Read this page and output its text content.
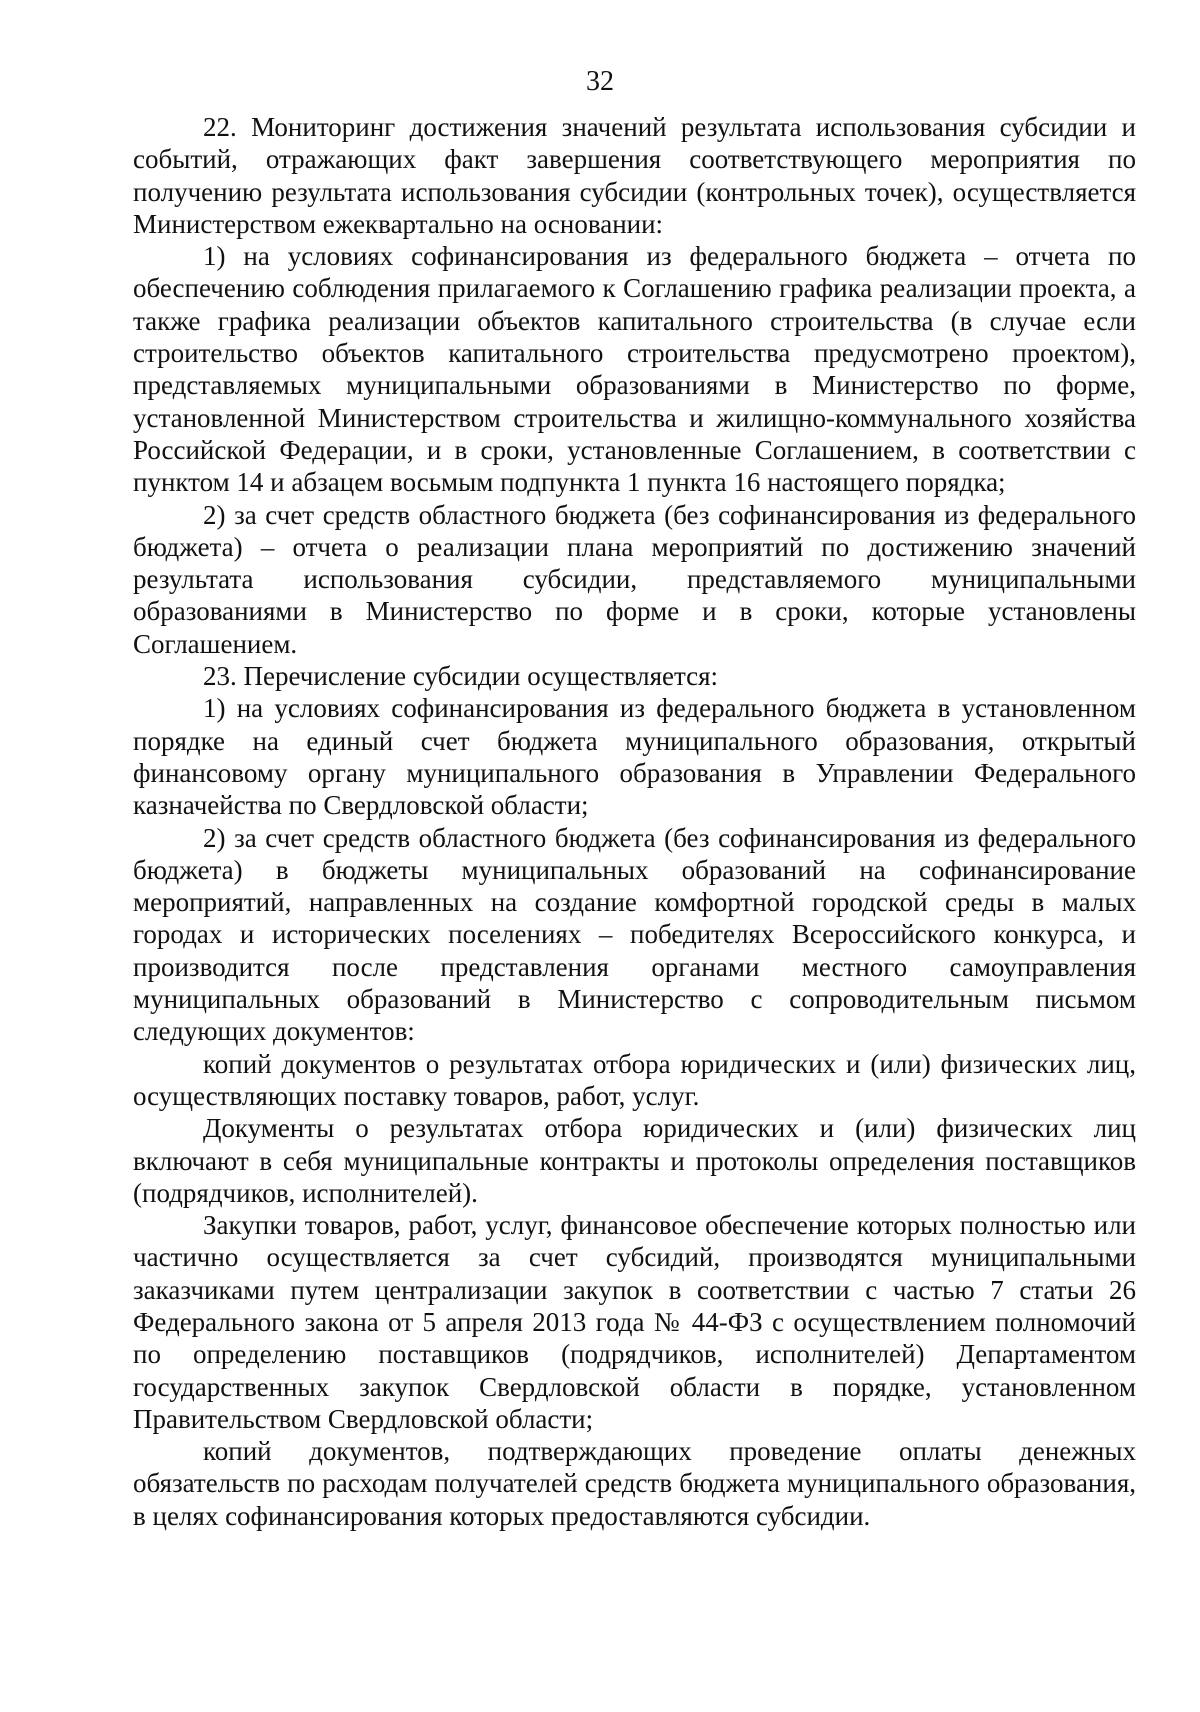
32

22. Мониторинг достижения значений результата использования субсидии и событий, отражающих факт завершения соответствующего мероприятия по получению результата использования субсидии (контрольных точек), осуществляется Министерством ежеквартально на основании:

1) на условиях софинансирования из федерального бюджета – отчета по обеспечению соблюдения прилагаемого к Соглашению графика реализации проекта, а также графика реализации объектов капитального строительства (в случае если строительство объектов капитального строительства предусмотрено проектом), представляемых муниципальными образованиями в Министерство по форме, установленной Министерством строительства и жилищно-коммунального хозяйства Российской Федерации, и в сроки, установленные Соглашением, в соответствии с пунктом 14 и абзацем восьмым подпункта 1 пункта 16 настоящего порядка;

2) за счет средств областного бюджета (без софинансирования из федерального бюджета) – отчета о реализации плана мероприятий по достижению значений результата использования субсидии, представляемого муниципальными образованиями в Министерство по форме и в сроки, которые установлены Соглашением.

23. Перечисление субсидии осуществляется:

1) на условиях софинансирования из федерального бюджета в установленном порядке на единый счет бюджета муниципального образования, открытый финансовому органу муниципального образования в Управлении Федерального казначейства по Свердловской области;

2) за счет средств областного бюджета (без софинансирования из федерального бюджета) в бюджеты муниципальных образований на софинансирование мероприятий, направленных на создание комфортной городской среды в малых городах и исторических поселениях – победителях Всероссийского конкурса, и производится после представления органами местного самоуправления муниципальных образований в Министерство с сопроводительным письмом следующих документов:

копий документов о результатах отбора юридических и (или) физических лиц, осуществляющих поставку товаров, работ, услуг.

Документы о результатах отбора юридических и (или) физических лиц включают в себя муниципальные контракты и протоколы определения поставщиков (подрядчиков, исполнителей).

Закупки товаров, работ, услуг, финансовое обеспечение которых полностью или частично осуществляется за счет субсидий, производятся муниципальными заказчиками путем централизации закупок в соответствии с частью 7 статьи 26 Федерального закона от 5 апреля 2013 года № 44-ФЗ с осуществлением полномочий по определению поставщиков (подрядчиков, исполнителей) Департаментом государственных закупок Свердловской области в порядке, установленном Правительством Свердловской области;

копий документов, подтверждающих проведение оплаты денежных обязательств по расходам получателей средств бюджета муниципального образования, в целях софинансирования которых предоставляются субсидии.
